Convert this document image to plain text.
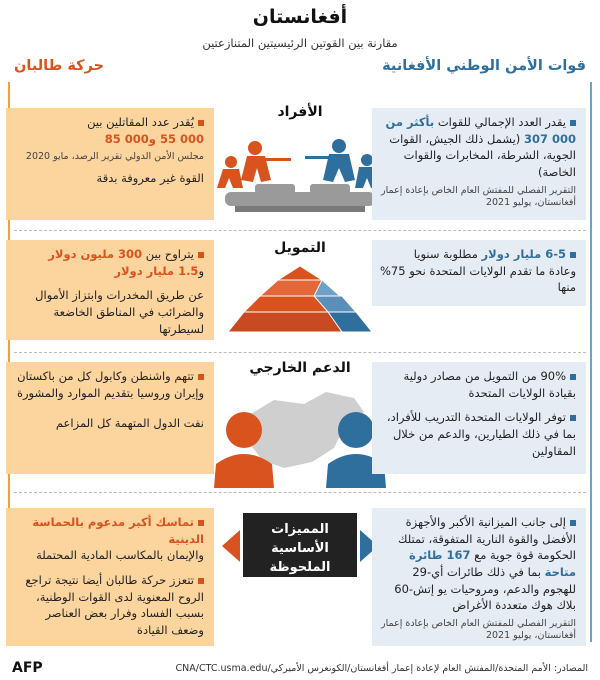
أفغانستان
مقارنة بين القوتين الرئيسيتين المتنازعتين
قوات الأمن الوطني الأفغانية
حركة طالبان
الأفراد
يقدر العدد الإجمالي للقوات بأكثر من 000 307 (يشمل ذلك الجيش، القوات الجوية، الشرطة، المخابرات والقوات الخاصة)
التقرير الفصلي للمفتش العام الخاص بإعادة إعمار أفغانستان، يوليو 2021
يُقدر عدد المقاتلين بين
000 55 و000 85
مجلس الأمن الدولي تقرير الرصد، مايو 2020
القوة غير معروفة بدقة
التمويل	6-5 مليار دولار مطلوبة سنويا
وعادة ما تقدم الولايات المتحدة نحو 75% منها
يتراوح بين 300 مليون دولار
و1.5 مليار دولار
عن طريق المخدرات وابتزاز الأموال والضرائب في المناطق الخاضعة لسيطرتها
الدعم الخارجي	90% من التمويل من مصادر دولية بقيادة الولايات المتحدة
توفر الولايات المتحدة التدريب للأفراد، بما في ذلك الطيارين، والدعم من خلال المقاولين
تتهم واشنطن وكابول كل من باكستان وإيران وروسيا بتقديم الموارد والمشورة
نفت الدول المتهمة كل المزاعم
المميزات الأساسية
الملحوظة
إلى جانب الميزانية الأكبر والأجهزة الأفضل والقوة النارية المتفوقة، تمتلك الحكومة قوة جوية مع 167 طائرة متاحة بما في ذلك طائرات أي-29 للهجوم والدعم، ومروحيات يو إتش-60 بلاك هوك متعددة الأغراض
التقرير الفصلي للمفتش العام الخاص بإعادة إعمار أفغانستان، يوليو 2021
تماسك أكبر مدعوم بالحماسة الدينية
والإيمان بالمكاسب المادية المحتملة
تتعزز حركة طالبان أيضا نتيجة تراجع الروح المعنوية لدى القوات الوطنية، بسبب الفساد وفرار بعض العناصر وضعف القيادة
المصادر: الأمم المتحدة/المفتش العام لإعادة إعمار أفغانستان/الكونغرس الأميركي/CNA/CTC.usma.edu
AFP
